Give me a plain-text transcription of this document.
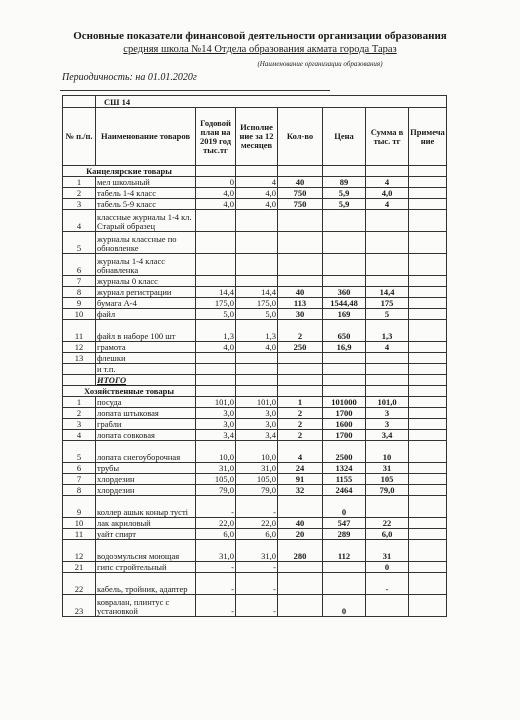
Основные показатели финансовой деятельности организации образования
средняя школа №14 Отдела образования акмата города Тараз
(Наименование организации образования)
Периодичность: на 01.01.2020г
	СШ 14						
№ п./п.	Наименование товаров	Годовой план на 2019 год тыс.тг	Исполне ние за 12 месяцев	Кол-во	Цена	Сумма в тыс. тг	Примеча ние
Канцелярские товары							
1	мел школьный	0	4	40	89	4	
2	табель 1-4 класс	4,0	4,0	750	5,9	4,0	
3	табель 5-9 класс	4,0	4,0	750	5,9	4	
4	классные журналы 1-4 кл. Старый образец						
5	журналы классные по обновленке						
6	журналы 1-4 класс обнавленка						
7	журналы 0 класс						
8	журнал регистрации	14,4	14,4	40	360	14,4	
9	бумага А-4	175,0	175,0	113	1544,48	175	
10	файл	5,0	5,0	30	169	5	
11	файл в наборе 100 шт	1,3	1,3	2	650	1,3	
12	грамота	4,0	4,0	250	16,9	4	
13	флешки						
	и т.п.						
	ИТОГО						
Хозяйственные товары							
1	посуда	101,0	101,0	1	101000	101,0	
2	лопата штыковая	3,0	3,0	2	1700	3	
3	грабли	3,0	3,0	2	1600	3	
4	лопата совковая	3,4	3,4	2	1700	3,4	
5	лопата снегоуборочная	10,0	10,0	4	2500	10	
6	трубы	31,0	31,0	24	1324	31	
7	хлордезин	105,0	105,0	91	1155	105	
8	хлордезин	79,0	79,0	32	2464	79,0	
9	коллер ашык коныр тусті	-	-		0		
10	лак акриловый	22,0	22,0	40	547	22	
11	уайт спирт	6,0	6,0	20	289	6,0	
12	водоэмульсия моющая	31,0	31,0	280	112	31	
21	гипс стройтельный	-	-			0	
22	кабель, тройник, адаптер	-	-			-	
23	ковралан, плинтус с установкой	-	-		0		
